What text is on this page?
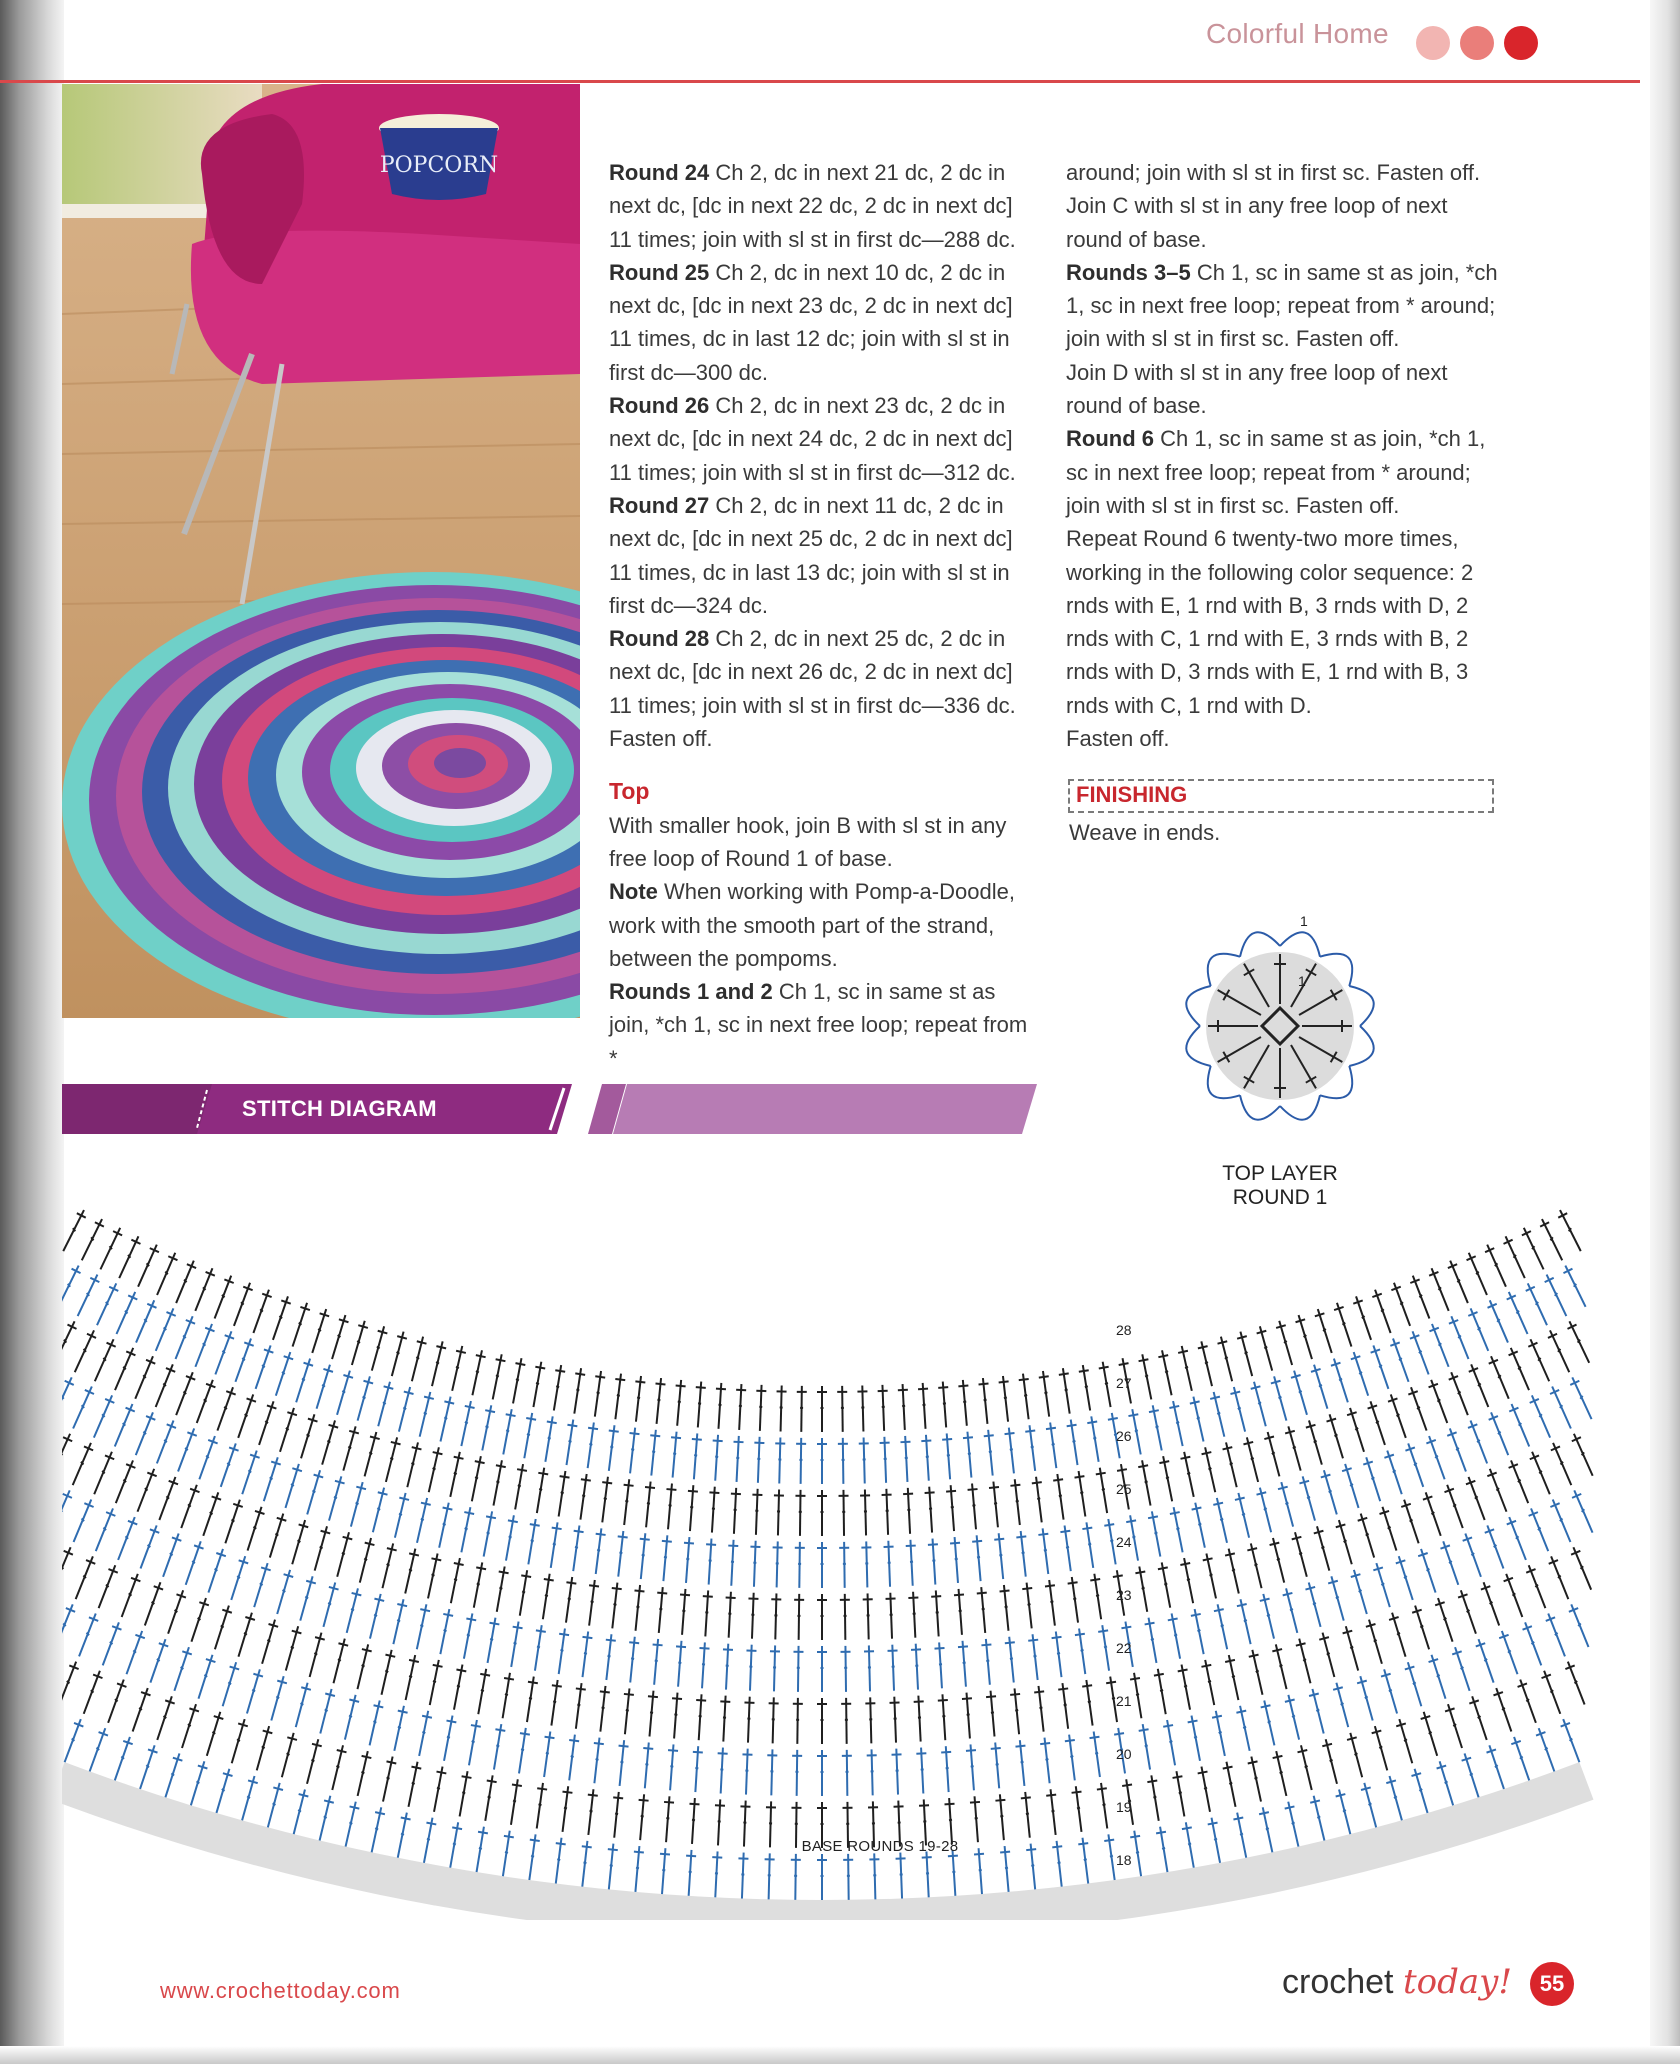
Colorful Home
POPCORN	Round 24 Ch 2, dc in next 21 dc, 2 dc in next dc, [dc in next 22 dc, 2 dc in next dc] 11 times; join with sl st in first dc—288 dc.

Round 25 Ch 2, dc in next 10 dc, 2 dc in next dc, [dc in next 23 dc, 2 dc in next dc] 11 times, dc in last 12 dc; join with sl st in first dc—300 dc.

Round 26 Ch 2, dc in next 23 dc, 2 dc in next dc, [dc in next 24 dc, 2 dc in next dc] 11 times; join with sl st in first dc—312 dc.

Round 27 Ch 2, dc in next 11 dc, 2 dc in next dc, [dc in next 25 dc, 2 dc in next dc] 11 times, dc in last 13 dc; join with sl st in first dc—324 dc.

Round 28 Ch 2, dc in next 25 dc, 2 dc in next dc, [dc in next 26 dc, 2 dc in next dc] 11 times; join with sl st in first dc—336 dc. Fasten off.

Top

With smaller hook, join B with sl st in any free loop of Round 1 of base.

Note When working with Pomp-a-Doodle, work with the smooth part of the strand, between the pompoms.

Rounds 1 and 2 Ch 1, sc in same st as join, *ch 1, sc in next free loop; repeat from *

around; join with sl st in first sc. Fasten off.

Join C with sl st in any free loop of next round of base.

Rounds 3–5 Ch 1, sc in same st as join, *ch 1, sc in next free loop; repeat from * around; join with sl st in first sc. Fasten off.

Join D with sl st in any free loop of next round of base.

Round 6 Ch 1, sc in same st as join, *ch 1, sc in next free loop; repeat from * around; join with sl st in first sc. Fasten off.

Repeat Round 6 twenty-two more times, working in the following color sequence: 2 rnds with E, 1 rnd with B, 3 rnds with D, 2 rnds with C, 1 rnd with E, 3 rnds with B, 2 rnds with D, 3 rnds with E, 1 rnd with B, 3 rnds with C, 1 rnd with D.

Fasten off.

FINISHING
Weave in ends.
STITCH DIAGRAM
1
1
TOP LAYER
ROUND 1
18
19
20
21
22
23
24
25
26
27
28
BASE ROUNDS 19-28
www.crochettoday.com	crochet today!	55
